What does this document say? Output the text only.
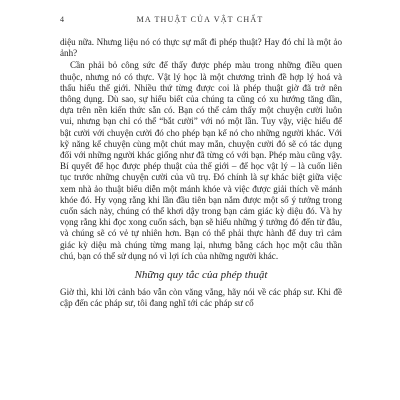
4	MA THUẬT CỦA VẬT CHẤT

diệu nữa. Nhưng liệu nó có thực sự mất đi phép thuật? Hay đó chỉ là một ảo ảnh?

Cần phải bỏ công sức để thấy được phép màu trong những điều quen thuộc, nhưng nó có thực. Vật lý học là một chương trình đề hợp lý hoá và thấu hiểu thế giới. Nhiều thứ từng được coi là phép thuật giờ đã trở nên thông dụng. Dù sao, sự hiểu biết của chúng ta cũng có xu hướng tăng dần, dựa trên nền kiến thức sẵn có. Bạn có thể cảm thấy một chuyện cười luôn vui, nhưng bạn chỉ có thể “bắt cười” với nó một lần. Tuy vậy, việc hiểu để bật cười với chuyện cười đó cho phép bạn kể nó cho những người khác. Với kỹ năng kể chuyện cùng một chút may mắn, chuyện cười đó sẽ có tác dụng đối với những người khác giống như đã từng có với bạn. Phép màu cũng vậy. Bí quyết để học được phép thuật của thế giới – để học vật lý – là cuốn liên tục trước những chuyện cười của vũ trụ. Đó chính là sự khác biệt giữa việc xem nhà ảo thuật biểu diễn một mánh khóe và việc được giải thích về mánh khóe đó. Hy vọng rằng khi lần đầu tiên bạn nắm được một số ý tưởng trong cuốn sách này, chúng có thể khơi dậy trong bạn cảm giác kỳ diệu đó. Và hy vọng rằng khi đọc xong cuốn sách, bạn sẽ hiểu những ý tưởng đó đến từ đâu, và chúng sẽ có vẻ tự nhiên hơn. Bạn có thể phải thực hành để duy trì cảm giác kỳ diệu mà chúng từng mang lại, nhưng bằng cách học một câu thần chú, bạn có thể sử dụng nó vì lợi ích của những người khác.

Những quy tắc của phép thuật

Giờ thì, khi lời cảnh báo vẫn còn văng vẳng, hãy nói về các pháp sư. Khi đề cập đến các pháp sư, tôi đang nghĩ tới các pháp sư cổ
